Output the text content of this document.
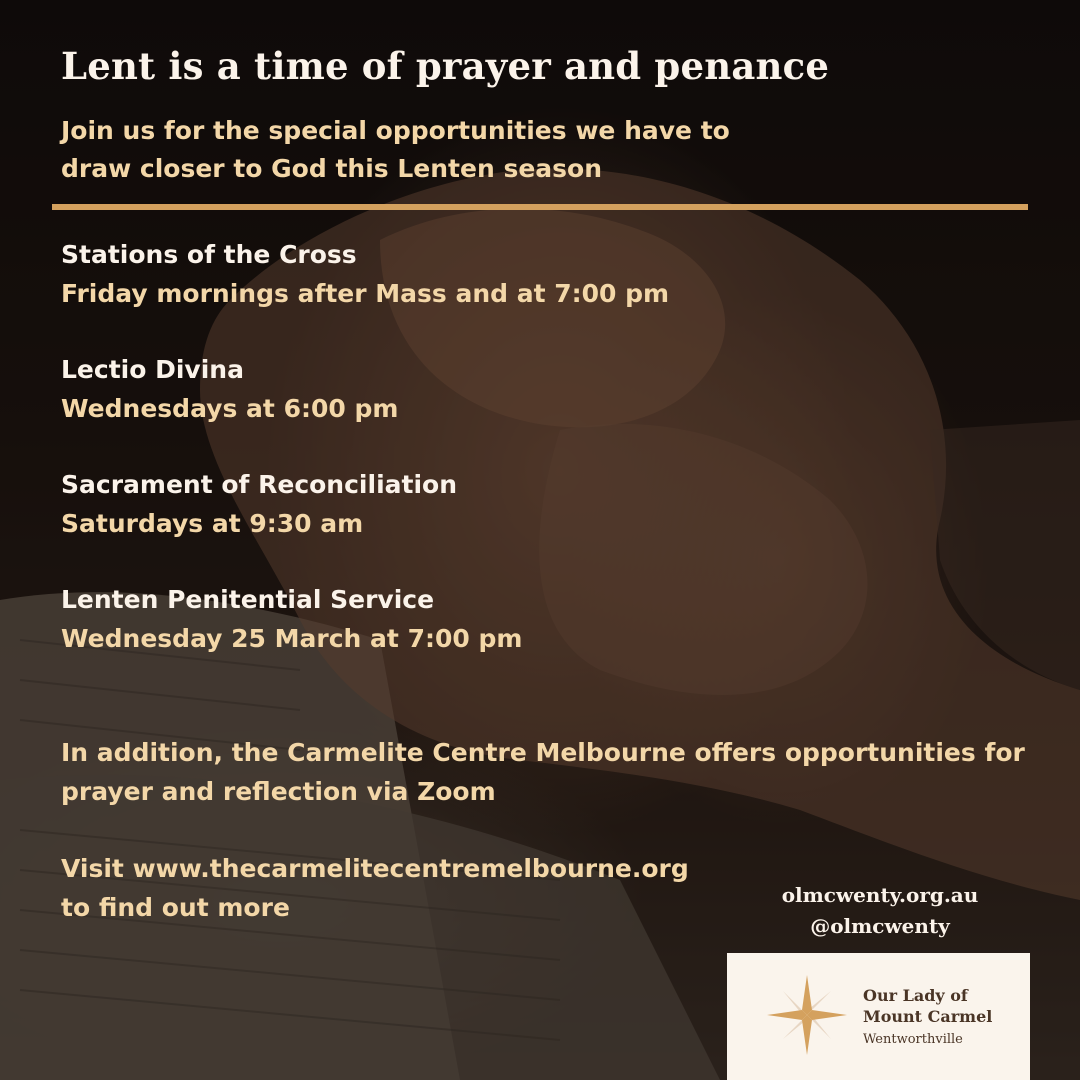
Lent is a time of prayer and penance
Join us for the special opportunities we have to draw closer to God this Lenten season
Stations of the Cross
Friday mornings after Mass and at 7:00 pm
Lectio Divina
Wednesdays at 6:00 pm
Sacrament of Reconciliation
Saturdays at 9:30 am
Lenten Penitential Service
Wednesday 25 March at 7:00 pm
In addition, the Carmelite Centre Melbourne offers opportunities for prayer and reflection via Zoom
Visit www.thecarmelitecentremelbourne.org to find out more	olmcwenty.org.au
@olmcwenty
Our Lady of Mount Carmel
Wentworthville
